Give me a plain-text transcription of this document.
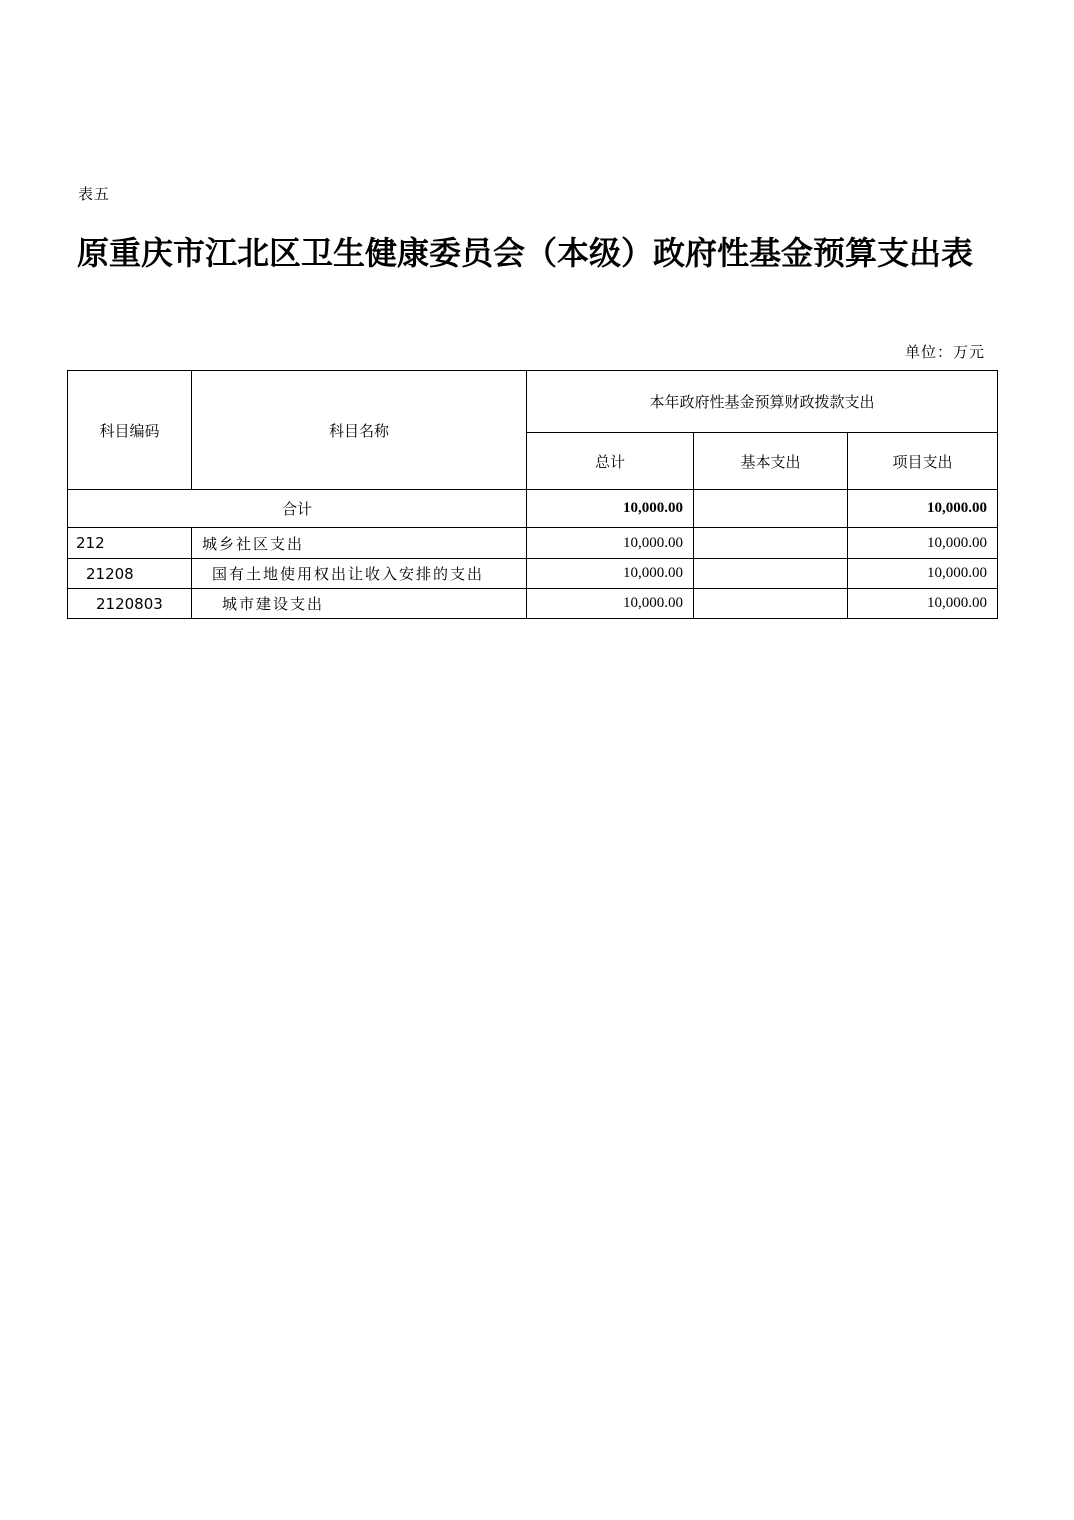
表五
原重庆市江北区卫生健康委员会（本级）政府性基金预算支出表
单位：万元
科目编码	科目名称	本年政府性基金预算财政拨款支出		
		总计	基本支出	项目支出
合计		10,000.00		10,000.00
212	城乡社区支出	10,000.00		10,000.00
21208	国有土地使用权出让收入安排的支出	10,000.00		10,000.00
2120803	城市建设支出	10,000.00		10,000.00
